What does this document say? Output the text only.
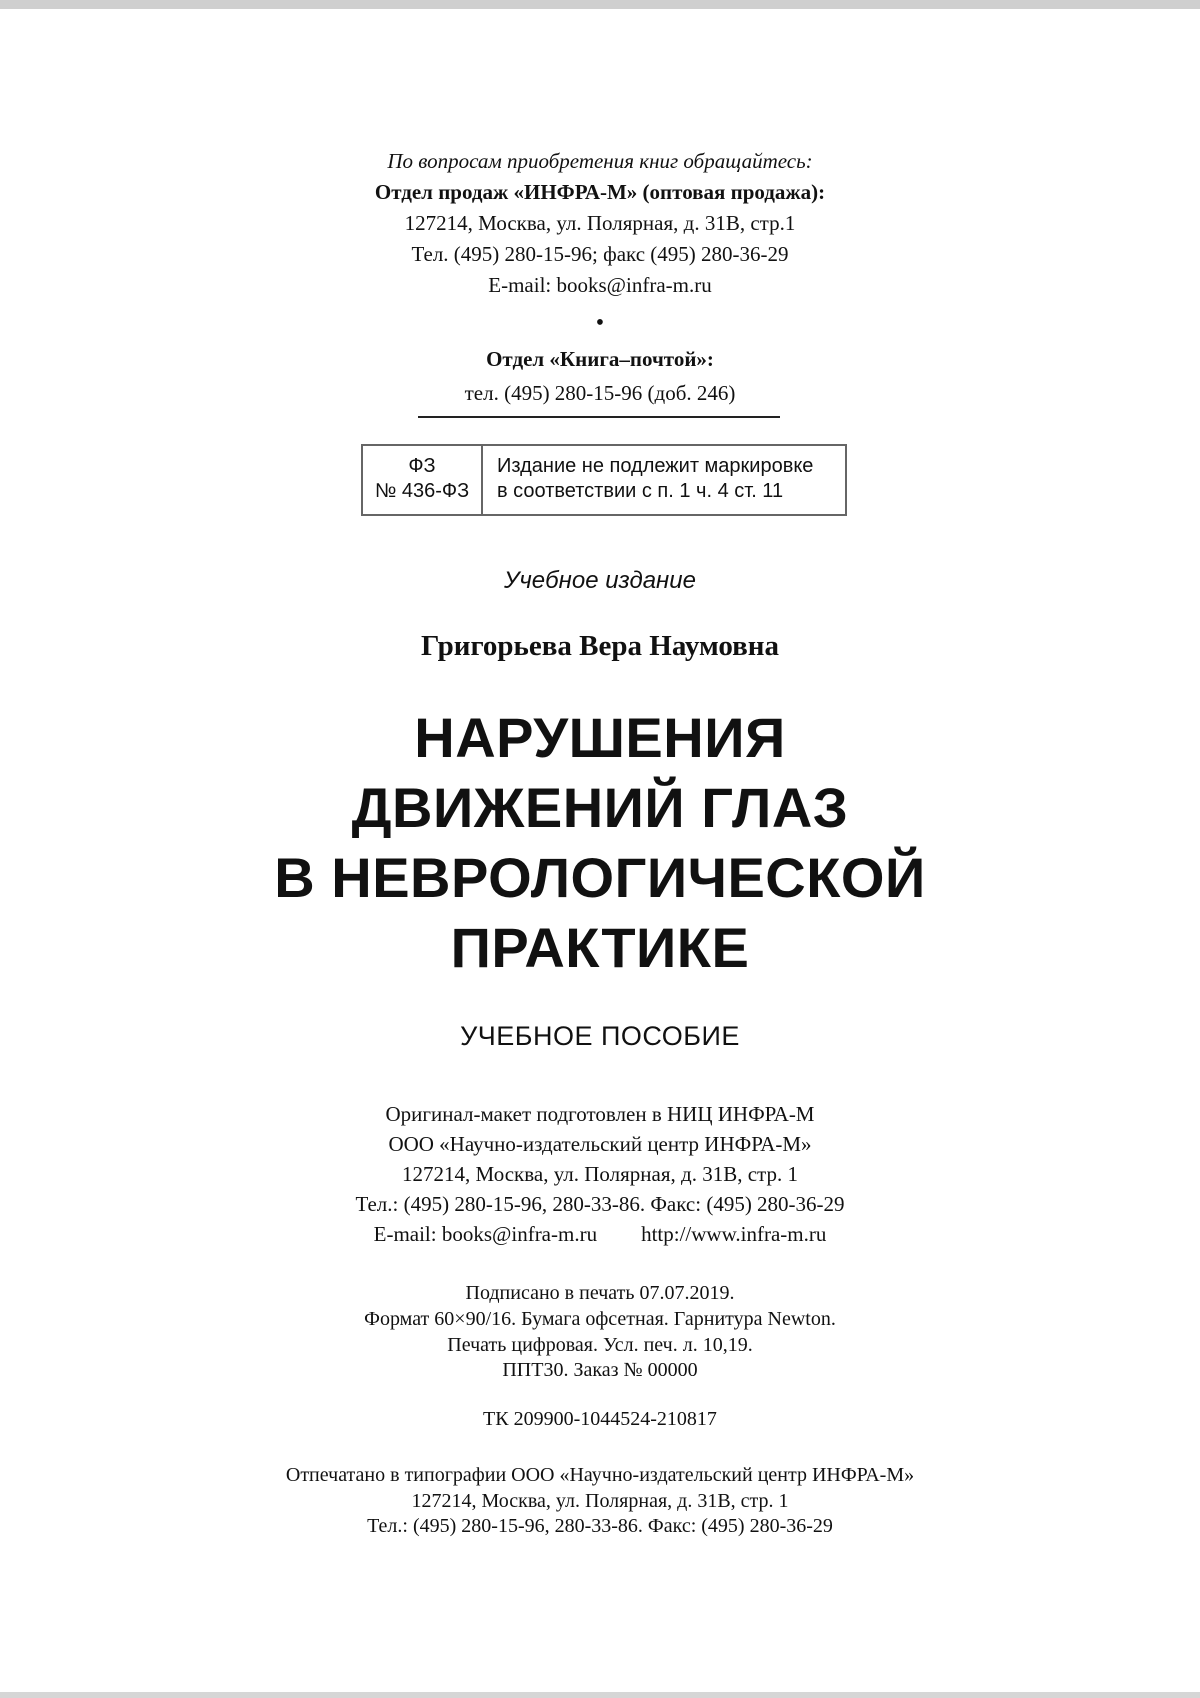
По вопросам приобретения книг обращайтесь:
Отдел продаж «ИНФРА-М» (оптовая продажа):
127214, Москва, ул. Полярная, д. 31В, стр.1
Тел. (495) 280-15-96; факс (495) 280-36-29
E-mail: books@infra-m.ru
•
Отдел «Книга–почтой»:
тел. (495) 280-15-96 (доб. 246)
ФЗ
№ 436-ФЗ
Издание не подлежит маркировке
в соответствии с п. 1 ч. 4 ст. 11
Учебное издание
Григорьева Вера Наумовна
НАРУШЕНИЯ
ДВИЖЕНИЙ ГЛАЗ
В НЕВРОЛОГИЧЕСКОЙ
ПРАКТИКЕ
УЧЕБНОЕ ПОСОБИЕ
Оригинал-макет подготовлен в НИЦ ИНФРА-М
ООО «Научно-издательский центр ИНФРА-М»
127214, Москва, ул. Полярная, д. 31В, стр. 1
Тел.: (495) 280-15-96, 280-33-86. Факс: (495) 280-36-29
E-mail: books@infra-m.ru http://www.infra-m.ru
Подписано в печать 07.07.2019.
Формат 60×90/16. Бумага офсетная. Гарнитура Newton.
Печать цифровая. Усл. печ. л. 10,19.
ППТ30. Заказ № 00000
ТК 209900-1044524-210817
Отпечатано в типографии ООО «Научно-издательский центр ИНФРА-М»
127214, Москва, ул. Полярная, д. 31В, стр. 1
Тел.: (495) 280-15-96, 280-33-86. Факс: (495) 280-36-29
